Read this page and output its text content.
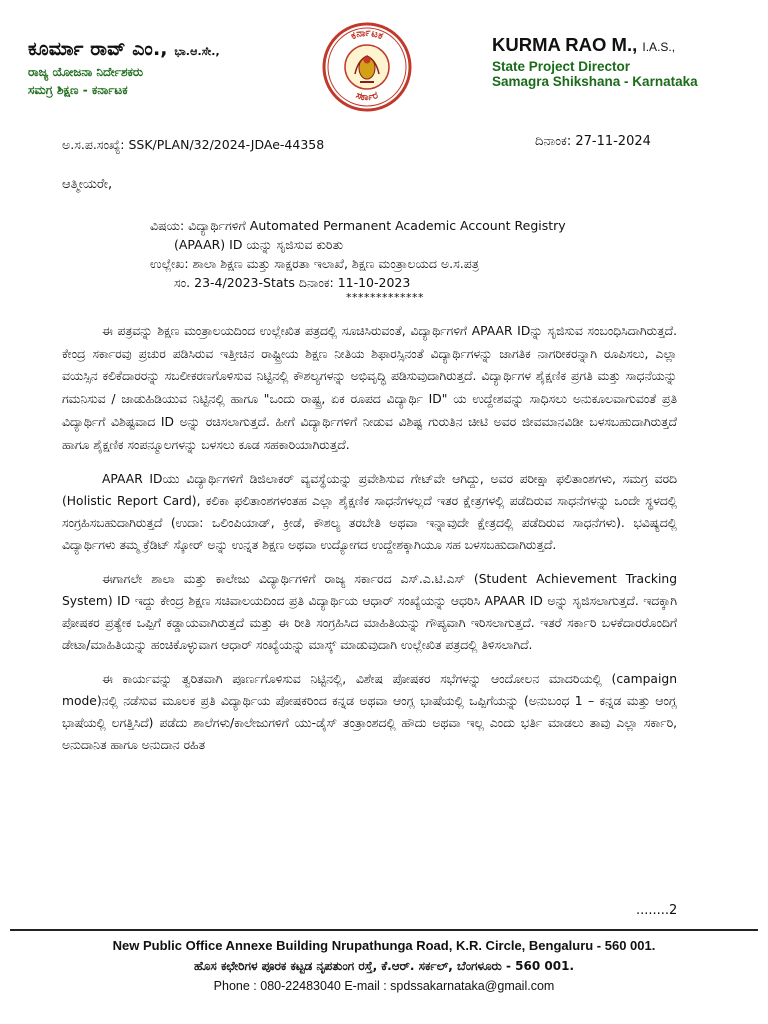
ಕೂರ್ಮಾ ರಾವ್ ಎಂ., ಭಾ.ಆ.ಸೇ.,
ರಾಜ್ಯ ಯೋಜನಾ ನಿರ್ದೇಶಕರು
ಸಮಗ್ರ ಶಿಕ್ಷಣ - ಕರ್ನಾಟಕ
ಕರ್ನಾಟಕ
ಸರ್ಕಾರ
KURMA RAO M., I.A.S.,
State Project Director
Samagra Shikshana - Karnataka
ಅ.ಸ.ಪ.ಸಂಖ್ಯೆ: SSK/PLAN/32/2024-JDAe-44358	ದಿನಾಂಕ: 27-11-2024
ಆತ್ಮೀಯರೇ,
ವಿಷಯ: ವಿದ್ಯಾರ್ಥಿಗಳಿಗೆ Automated Permanent Academic Account Registry
(APAAR) ID ಯನ್ನು ಸೃಜಿಸುವ ಕುರಿತು
ಉಲ್ಲೇಖ: ಶಾಲಾ ಶಿಕ್ಷಣ ಮತ್ತು ಸಾಕ್ಷರತಾ ಇಲಾಖೆ, ಶಿಕ್ಷಣ ಮಂತ್ರಾಲಯದ ಅ.ಸ.ಪತ್ರ
ಸಂ. 23-4/2023-Stats ದಿನಾಂಕ: 11-10-2023
*************

ಈ ಪತ್ರವನ್ನು ಶಿಕ್ಷಣ ಮಂತ್ರಾಲಯದಿಂದ ಉಲ್ಲೇಖಿತ ಪತ್ರದಲ್ಲಿ ಸೂಚಿಸಿರುವಂತೆ, ವಿದ್ಯಾರ್ಥಿಗಳಿಗೆ APAAR IDನ್ನು ಸೃಜಿಸುವ ಸಂಬಂಧಿಸಿದಾಗಿರುತ್ತದೆ. ಕೇಂದ್ರ ಸರ್ಕಾರವು ಪ್ರಚುರ ಪಡಿಸಿರುವ ಇತ್ತೀಚಿನ ರಾಷ್ಟ್ರೀಯ ಶಿಕ್ಷಣ ನೀತಿಯ ಶಿಫಾರಸ್ಸಿನಂತೆ ವಿದ್ಯಾರ್ಥಿಗಳನ್ನು ಜಾಗತಿಕ ನಾಗರೀಕರನ್ನಾಗಿ ರೂಪಿಸಲು, ಎಲ್ಲಾ ವಯಸ್ಸಿನ ಕಲಿಕೆದಾರರನ್ನು ಸಬಲೀಕರಣಗೊಳಿಸುವ ನಿಟ್ಟಿನಲ್ಲಿ ಕೌಶಲ್ಯಗಳನ್ನು ಅಭಿವೃದ್ಧಿ ಪಡಿಸುವುದಾಗಿರುತ್ತದೆ. ವಿದ್ಯಾರ್ಥಿಗಳ ಶೈಕ್ಷಣಿಕ ಪ್ರಗತಿ ಮತ್ತು ಸಾಧನೆಯನ್ನು ಗಮನಿಸುವ / ಜಾಡುಹಿಡಿಯುವ ನಿಟ್ಟಿನಲ್ಲಿ ಹಾಗೂ "ಒಂದು ರಾಷ್ಟ್ರ, ಏಕ ರೂಪದ ವಿದ್ಯಾರ್ಥಿ ID" ಯ ಉದ್ದೇಶವನ್ನು ಸಾಧಿಸಲು ಅನುಕೂಲವಾಗುವಂತೆ ಪ್ರತಿ ವಿದ್ಯಾರ್ಥಿಗೆ ವಿಶಿಷ್ಟವಾದ ID ಅನ್ನು ರಚಿಸಲಾಗುತ್ತದೆ. ಹೀಗೆ ವಿದ್ಯಾರ್ಥಿಗಳಿಗೆ ನೀಡುವ ವಿಶಿಷ್ಟ ಗುರುತಿನ ಚೀಟಿ ಅವರ ಜೀವಮಾನವಿಡೀ ಬಳಸಬಹುದಾಗಿರುತ್ತದೆ ಹಾಗೂ ಶೈಕ್ಷಣಿಕ ಸಂಪನ್ಮೂಲಗಳನ್ನು ಬಳಸಲು ಕೂಡ ಸಹಕಾರಿಯಾಗಿರುತ್ತದೆ.

APAAR IDಯು ವಿದ್ಯಾರ್ಥಿಗಳಿಗೆ ಡಿಜಿಲಾಕರ್ ವ್ಯವಸ್ಥೆಯನ್ನು ಪ್ರವೇಶಿಸುವ ಗೇಟ್‌ವೇ ಆಗಿದ್ದು, ಅವರ ಪರೀಕ್ಷಾ ಫಲಿತಾಂಶಗಳು, ಸಮಗ್ರ ವರದಿ (Holistic Report Card), ಕಲಿಕಾ ಫಲಿತಾಂಶಗಳಂತಹ ಎಲ್ಲಾ ಶೈಕ್ಷಣಿಕ ಸಾಧನೆಗಳಲ್ಲದೆ ಇತರ ಕ್ಷೇತ್ರಗಳಲ್ಲಿ ಪಡೆದಿರುವ ಸಾಧನೆಗಳನ್ನು ಒಂದೇ ಸ್ಥಳದಲ್ಲಿ ಸಂಗ್ರಹಿಸಬಹುದಾಗಿರುತ್ತದೆ (ಉದಾ: ಒಲಿಂಪಿಯಾಡ್, ಕ್ರೀಡೆ, ಕೌಶಲ್ಯ ತರಬೇತಿ ಅಥವಾ ಇನ್ನಾವುದೇ ಕ್ಷೇತ್ರದಲ್ಲಿ ಪಡೆದಿರುವ ಸಾಧನೆಗಳು). ಭವಿಷ್ಯದಲ್ಲಿ ವಿದ್ಯಾರ್ಥಿಗಳು ತಮ್ಮ ಕ್ರೆಡಿಟ್ ಸ್ಕೋರ್ ಅನ್ನು ಉನ್ನತ ಶಿಕ್ಷಣ ಅಥವಾ ಉದ್ಯೋಗದ ಉದ್ದೇಶಕ್ಕಾಗಿಯೂ ಸಹ ಬಳಸಬಹುದಾಗಿರುತ್ತದೆ.

ಈಗಾಗಲೇ ಶಾಲಾ ಮತ್ತು ಕಾಲೇಜು ವಿದ್ಯಾರ್ಥಿಗಳಿಗೆ ರಾಜ್ಯ ಸರ್ಕಾರದ ಎಸ್.ಎ.ಟಿ.ಎಸ್ (Student Achievement Tracking System) ID ಇದ್ದು ಕೇಂದ್ರ ಶಿಕ್ಷಣ ಸಚಿವಾಲಯದಿಂದ ಪ್ರತಿ ವಿದ್ಯಾರ್ಥಿಯ ಆಧಾರ್ ಸಂಖ್ಯೆಯನ್ನು ಆಧರಿಸಿ APAAR ID ಅನ್ನು ಸೃಜಿಸಲಾಗುತ್ತದೆ. ಇದಕ್ಕಾಗಿ ಪೋಷಕರ ಪ್ರತ್ಯೇಕ ಒಪ್ಪಿಗೆ ಕಡ್ಡಾಯವಾಗಿರುತ್ತದೆ ಮತ್ತು ಈ ರೀತಿ ಸಂಗ್ರಹಿಸಿದ ಮಾಹಿತಿಯನ್ನು ಗೌಪ್ಯವಾಗಿ ಇರಿಸಲಾಗುತ್ತದೆ. ಇತರೆ ಸರ್ಕಾರಿ ಬಳಕೆದಾರರೊಂದಿಗೆ ಡೇಟಾ/ಮಾಹಿತಿಯನ್ನು ಹಂಚಿಕೊಳ್ಳುವಾಗ ಆಧಾರ್ ಸಂಖ್ಯೆಯನ್ನು ಮಾಸ್ಕ್ ಮಾಡುವುದಾಗಿ ಉಲ್ಲೇಖಿತ ಪತ್ರದಲ್ಲಿ ತಿಳಿಸಲಾಗಿದೆ.

ಈ ಕಾರ್ಯವನ್ನು ತ್ವರಿತವಾಗಿ ಪೂರ್ಣಗೊಳಿಸುವ ನಿಟ್ಟಿನಲ್ಲಿ, ವಿಶೇಷ ಪೋಷಕರ ಸಭೆಗಳನ್ನು ಆಂದೋಲನ ಮಾದರಿಯಲ್ಲಿ (campaign mode)ನಲ್ಲಿ ನಡೆಸುವ ಮೂಲಕ ಪ್ರತಿ ವಿದ್ಯಾರ್ಥಿಯ ಪೋಷಕರಿಂದ ಕನ್ನಡ ಅಥವಾ ಆಂಗ್ಲ ಭಾಷೆಯಲ್ಲಿ ಒಪ್ಪಿಗೆಯನ್ನು (ಅನುಬಂಧ 1 – ಕನ್ನಡ ಮತ್ತು ಆಂಗ್ಲ ಭಾಷೆಯಲ್ಲಿ ಲಗತ್ತಿಸಿದೆ) ಪಡೆದು ಶಾಲೆಗಳು/ಕಾಲೇಜುಗಳಿಗೆ ಯು-ಡೈಸ್ ತಂತ್ರಾಂಶದಲ್ಲಿ ಹೌದು ಅಥವಾ ಇಲ್ಲ ಎಂದು ಭರ್ತಿ ಮಾಡಲು ತಾವು ಎಲ್ಲಾ ಸರ್ಕಾರಿ, ಅನುದಾನಿತ ಹಾಗೂ ಅನುದಾನ ರಹಿತ

........2
New Public Office Annexe Building Nrupathunga Road, K.R. Circle, Bengaluru - 560 001.
ಹೊಸ ಕಛೇರಿಗಳ ಪೂರಕ ಕಟ್ಟಡ ನೃಪತುಂಗ ರಸ್ತೆ, ಕೆ.ಆರ್. ಸರ್ಕಲ್, ಬೆಂಗಳೂರು - 560 001.
Phone : 080-22483040 E-mail : spdssakarnataka@gmail.com
